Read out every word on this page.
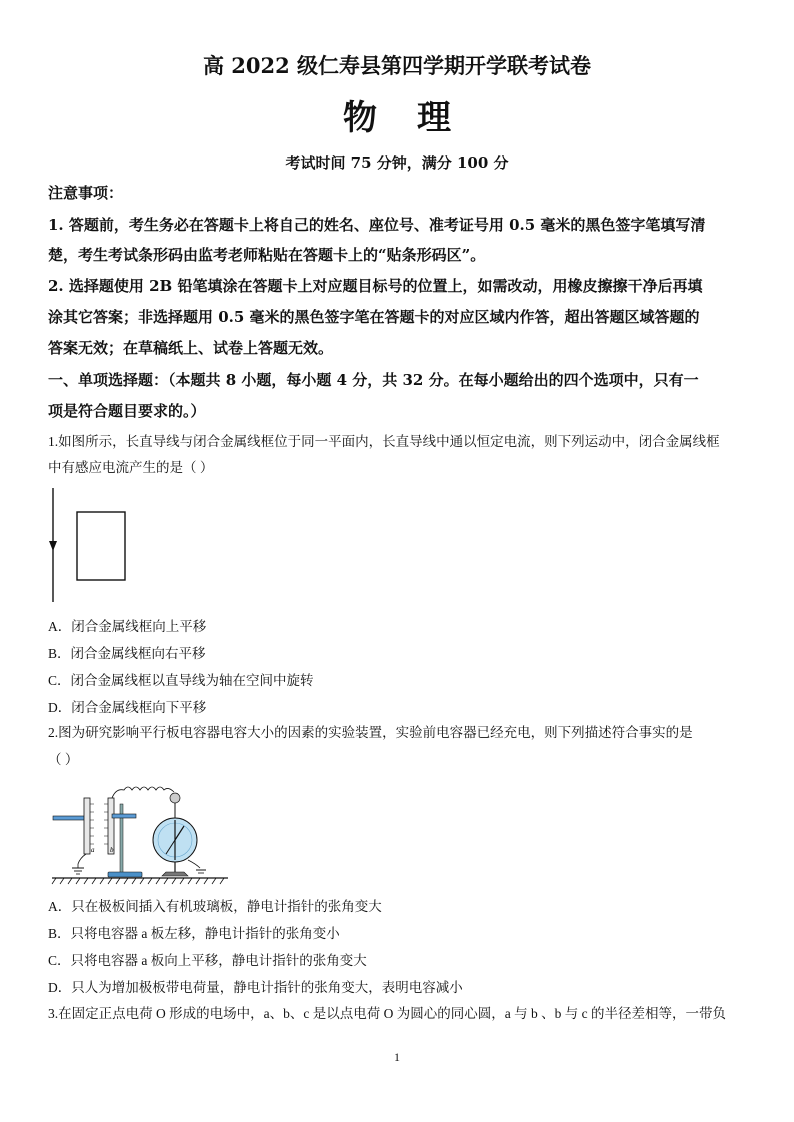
高 2022 级仁寿县第四学期开学联考试卷
物理
考试时间 75 分钟，满分 100 分
注意事项：
1. 答题前，考生务必在答题卡上将自己的姓名、座位号、准考证号用 0.5 毫米的黑色签字笔填写清
楚，考生考试条形码由监考老师粘贴在答题卡上的“贴条形码区”。
2. 选择题使用 2B 铅笔填涂在答题卡上对应题目标号的位置上，如需改动，用橡皮擦擦干净后再填
涂其它答案；非选择题用 0.5 毫米的黑色签字笔在答题卡的对应区域内作答，超出答题区域答题的
答案无效；在草稿纸上、试卷上答题无效。
一、单项选择题：（本题共 8 小题，每小题 4 分，共 32 分。在每小题给出的四个选项中，只有一
项是符合题目要求的。）
1.如图所示，长直导线与闭合金属线框位于同一平面内，长直导线中通以恒定电流，则下列运动中，闭合金属线框
中有感应电流产生的是（ ）
A．闭合金属线框向上平移
B．闭合金属线框向右平移
C．闭合金属线框以直导线为轴在空间中旋转
D．闭合金属线框向下平移
2.图为研究影响平行板电容器电容大小的因素的实验装置，实验前电容器已经充电，则下列描述符合事实的是
（ ）
a b
A．只在极板间插入有机玻璃板，静电计指针的张角变大
B．只将电容器 a 板左移，静电计指针的张角变小
C．只将电容器 a 板向上平移，静电计指针的张角变大
D．只人为增加极板带电荷量，静电计指针的张角变大，表明电容减小
3.在固定正点电荷 O 形成的电场中，a、b、c 是以点电荷 O 为圆心的同心圆，a 与 b 、b 与 c 的半径差相等，一带负
1
